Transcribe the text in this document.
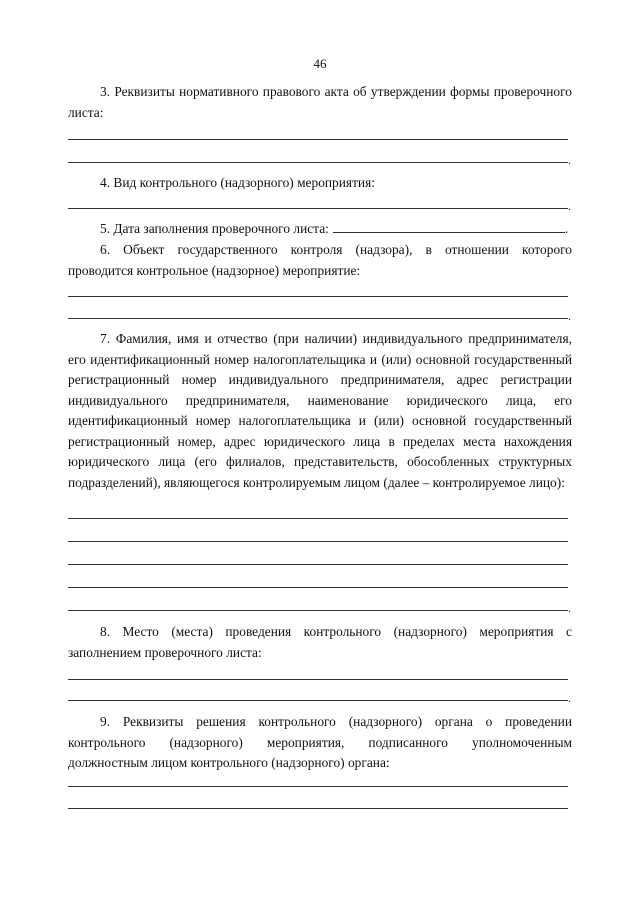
46

3. Реквизиты нормативного правового акта об утверждении формы проверочного листа:

.

4. Вид контрольного (надзорного) мероприятия:

.

5. Дата заполнения проверочного листа:	.

6. Объект государственного контроля (надзора), в отношении которого проводится контрольное (надзорное) мероприятие:

.

7. Фамилия, имя и отчество (при наличии) индивидуального предпринимателя, его идентификационный номер налогоплательщика и (или) основной государственный регистрационный номер индивидуального предпринимателя, адрес регистрации индивидуального предпринимателя, наименование юридического лица, его идентификационный номер налогоплательщика и (или) основной государственный регистрационный номер, адрес юридического лица в пределах места нахождения юридического лица (его филиалов, представительств, обособленных структурных подразделений), являющегося контролируемым лицом (далее – контролируемое лицо):

.

8. Место (места) проведения контрольного (надзорного) мероприятия с заполнением проверочного листа:

.

9. Реквизиты решения контрольного (надзорного) органа о проведении контрольного (надзорного) мероприятия, подписанного уполномоченным должностным лицом контрольного (надзорного) органа:
